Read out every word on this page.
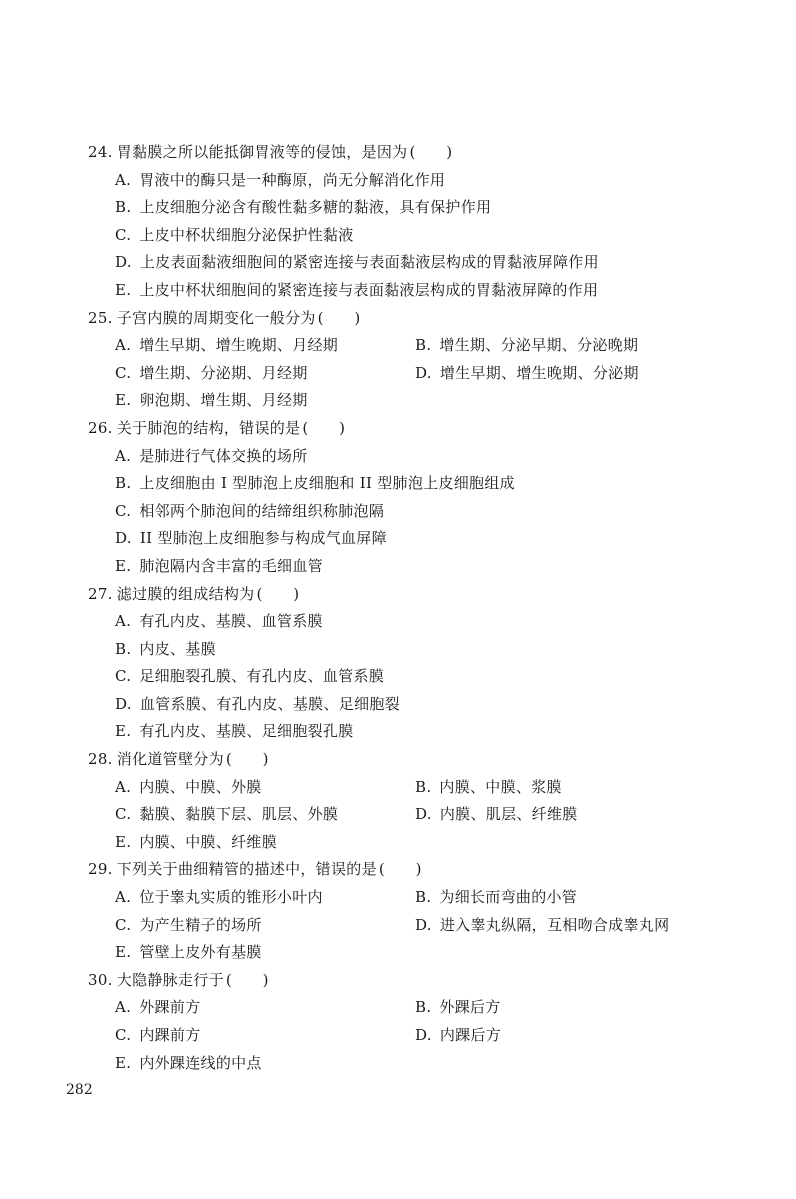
24. 胃黏膜之所以能抵御胃液等的侵蚀，是因为 (　　)
A. 胃液中的酶只是一种酶原，尚无分解消化作用
B. 上皮细胞分泌含有酸性黏多糖的黏液，具有保护作用
C. 上皮中杯状细胞分泌保护性黏液
D. 上皮表面黏液细胞间的紧密连接与表面黏液层构成的胃黏液屏障作用
E. 上皮中杯状细胞间的紧密连接与表面黏液层构成的胃黏液屏障的作用
25. 子宫内膜的周期变化一般分为 (　　)
A. 增生早期、增生晚期、月经期	B. 增生期、分泌早期、分泌晚期
C. 增生期、分泌期、月经期	D. 增生早期、增生晚期、分泌期
E. 卵泡期、增生期、月经期
26. 关于肺泡的结构，错误的是 (　　)
A. 是肺进行气体交换的场所
B. 上皮细胞由 I 型肺泡上皮细胞和 II 型肺泡上皮细胞组成
C. 相邻两个肺泡间的结缔组织称肺泡隔
D. II 型肺泡上皮细胞参与构成气血屏障
E. 肺泡隔内含丰富的毛细血管
27. 滤过膜的组成结构为 (　　)
A. 有孔内皮、基膜、血管系膜
B. 内皮、基膜
C. 足细胞裂孔膜、有孔内皮、血管系膜
D. 血管系膜、有孔内皮、基膜、足细胞裂
E. 有孔内皮、基膜、足细胞裂孔膜
28. 消化道管壁分为 (　　)
A. 内膜、中膜、外膜	B. 内膜、中膜、浆膜
C. 黏膜、黏膜下层、肌层、外膜	D. 内膜、肌层、纤维膜
E. 内膜、中膜、纤维膜
29. 下列关于曲细精管的描述中，错误的是 (　　)
A. 位于睾丸实质的锥形小叶内	B. 为细长而弯曲的小管
C. 为产生精子的场所	D. 进入睾丸纵隔，互相吻合成睾丸网
E. 管壁上皮外有基膜
30. 大隐静脉走行于 (　　)
A. 外踝前方	B. 外踝后方
C. 内踝前方	D. 内踝后方
E. 内外踝连线的中点
282
